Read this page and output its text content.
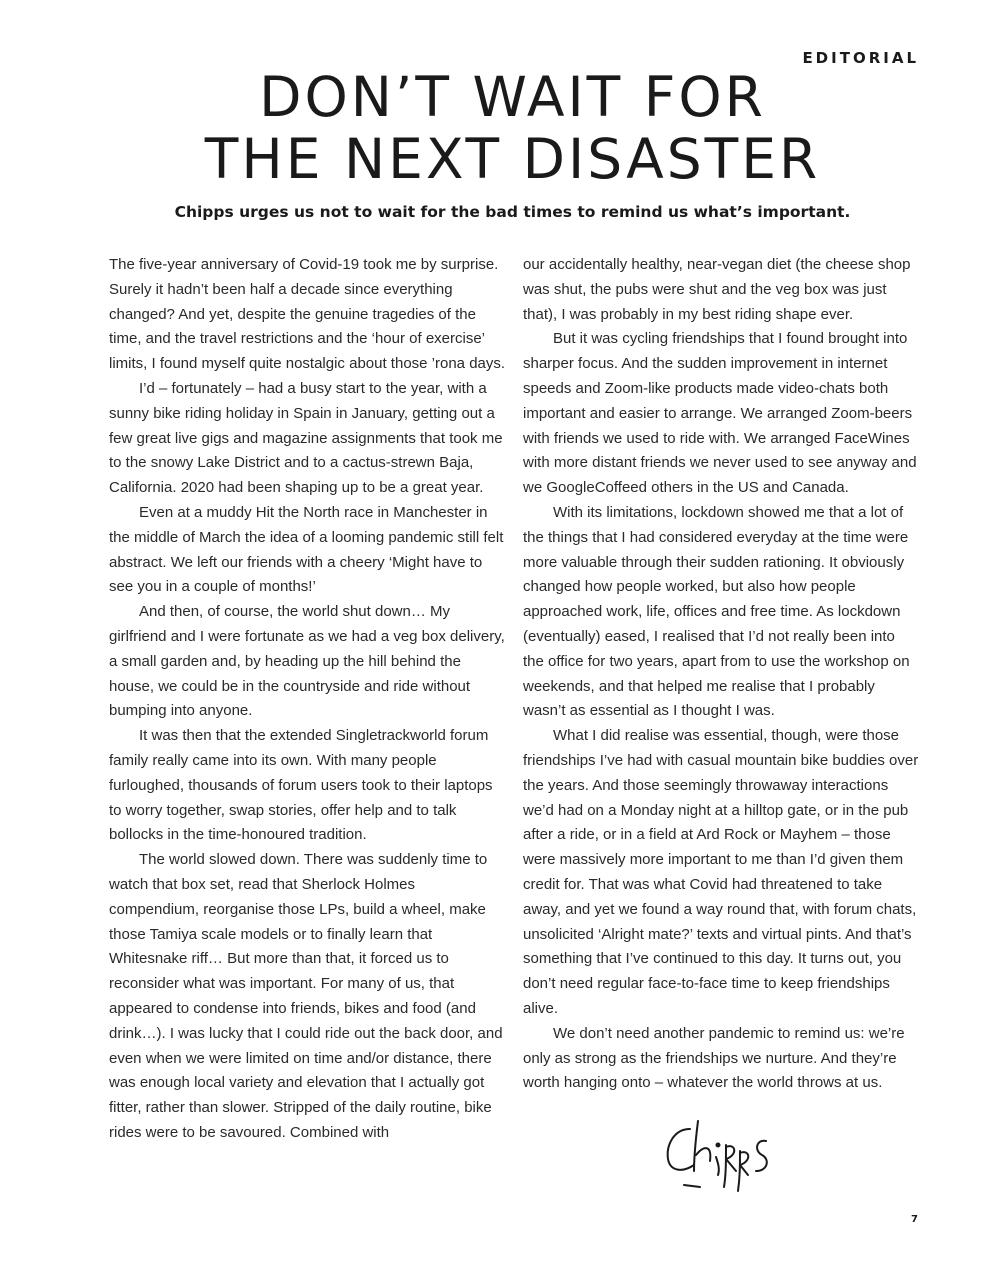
EDITORIAL

DON’T WAIT FOR
THE NEXT DISASTER

Chipps urges us not to wait for the bad times to remind us what’s important.

The five-year anniversary of Covid-19 took me by surprise. Surely it hadn’t been half a decade since everything changed? And yet, despite the genuine tragedies of the time, and the travel restrictions and the ‘hour of exercise’ limits, I found myself quite nostalgic about those ’rona days.

I’d – fortunately – had a busy start to the year, with a sunny bike riding holiday in Spain in January, getting out a few great live gigs and magazine assignments that took me to the snowy Lake District and to a cactus-strewn Baja, California. 2020 had been shaping up to be a great year.

Even at a muddy Hit the North race in Manchester in the middle of March the idea of a looming pandemic still felt abstract. We left our friends with a cheery ‘Might have to see you in a couple of months!’

And then, of course, the world shut down… My girlfriend and I were fortunate as we had a veg box delivery, a small garden and, by heading up the hill behind the house, we could be in the countryside and ride without bumping into anyone.

It was then that the extended Singletrackworld forum family really came into its own. With many people furloughed, thousands of forum users took to their laptops to worry together, swap stories, offer help and to talk bollocks in the time-honoured tradition.

The world slowed down. There was suddenly time to watch that box set, read that Sherlock Holmes compendium, reorganise those LPs, build a wheel, make those Tamiya scale models or to finally learn that Whitesnake riff… But more than that, it forced us to reconsider what was important. For many of us, that appeared to condense into friends, bikes and food (and drink…). I was lucky that I could ride out the back door, and even when we were limited on time and/or distance, there was enough local variety and elevation that I actually got fitter, rather than slower. Stripped of the daily routine, bike rides were to be savoured. Combined with

our accidentally healthy, near-vegan diet (the cheese shop was shut, the pubs were shut and the veg box was just that), I was probably in my best riding shape ever.

But it was cycling friendships that I found brought into sharper focus. And the sudden improvement in internet speeds and Zoom-like products made video-chats both important and easier to arrange. We arranged Zoom-beers with friends we used to ride with. We arranged FaceWines with more distant friends we never used to see anyway and we GoogleCoffeed others in the US and Canada.

With its limitations, lockdown showed me that a lot of the things that I had considered everyday at the time were more valuable through their sudden rationing. It obviously changed how people worked, but also how people approached work, life, offices and free time. As lockdown (eventually) eased, I realised that I’d not really been into the office for two years, apart from to use the workshop on weekends, and that helped me realise that I probably wasn’t as essential as I thought I was.

What I did realise was essential, though, were those friendships I’ve had with casual mountain bike buddies over the years. And those seemingly throwaway interactions we’d had on a Monday night at a hilltop gate, or in the pub after a ride, or in a field at Ard Rock or Mayhem – those were massively more important to me than I’d given them credit for. That was what Covid had threatened to take away, and yet we found a way round that, with forum chats, unsolicited ‘Alright mate?’ texts and virtual pints. And that’s something that I’ve continued to this day. It turns out, you don’t need regular face-to-face time to keep friendships alive.

We don’t need another pandemic to remind us: we’re only as strong as the friendships we nurture. And they’re worth hanging onto – whatever the world throws at us.

7
